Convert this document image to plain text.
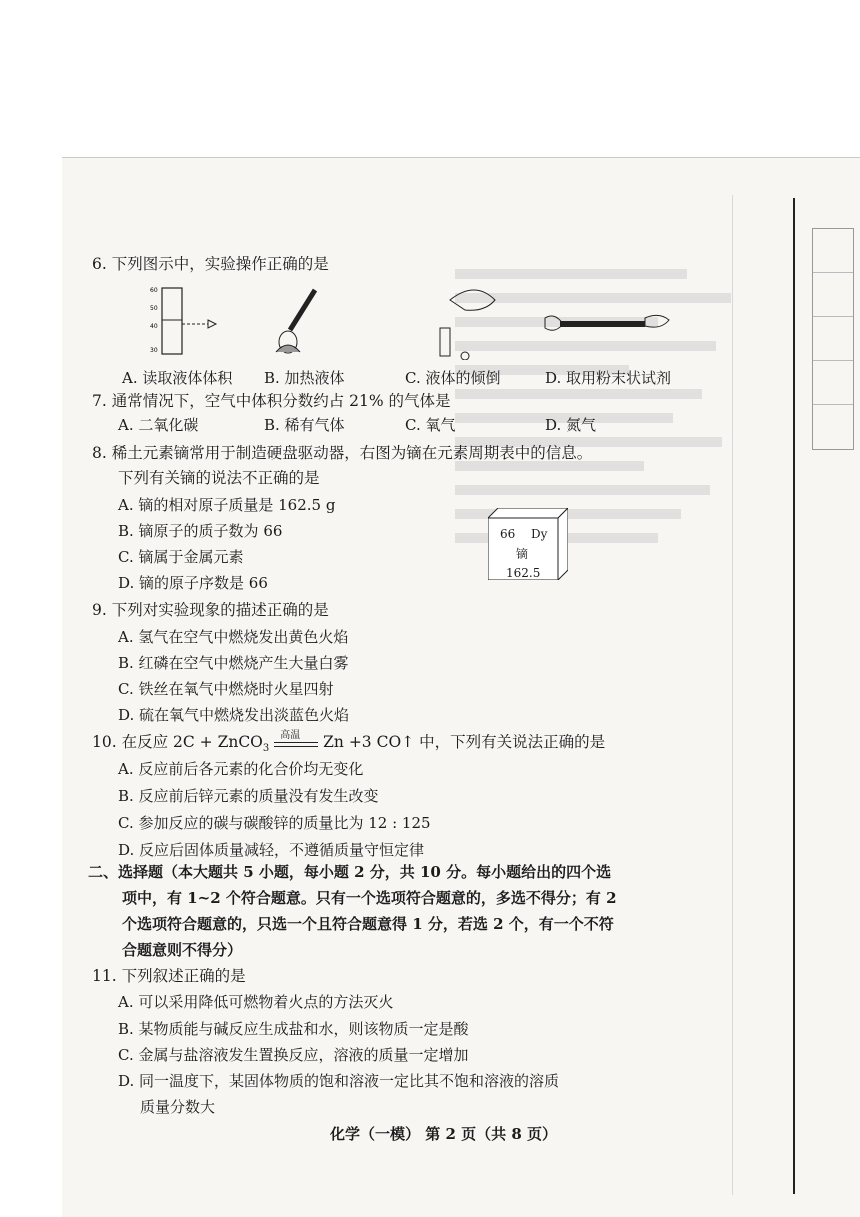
6. 下列图示中，实验操作正确的是
60
50
40
30
A. 读取液体体积 B. 加热液体	C. 液体的倾倒	D. 取用粉末状试剂
7. 通常情况下，空气中体积分数约占 21% 的气体是
A. 二氧化碳	B. 稀有气体	C. 氧气	D. 氮气
8. 稀土元素镝常用于制造硬盘驱动器，右图为镝在元素周期表中的信息。
下列有关镝的说法不正确的是
A. 镝的相对原子质量是 162.5 g
B. 镝原子的质子数为 66
C. 镝属于金属元素
D. 镝的原子序数是 66
66 Dy
镝
162.5
9. 下列对实验现象的描述正确的是
A. 氢气在空气中燃烧发出黄色火焰
B. 红磷在空气中燃烧产生大量白雾
C. 铁丝在氧气中燃烧时火星四射
D. 硫在氧气中燃烧发出淡蓝色火焰
10. 在反应 2C + ZnCO$_3$
高温 Zn +3 CO↑ 中，下列有关说法正确的是
A. 反应前后各元素的化合价均无变化
B. 反应前后锌元素的质量没有发生改变
C. 参加反应的碳与碳酸锌的质量比为 12 : 125
D. 反应后固体质量减轻，不遵循质量守恒定律
二、选择题（本大题共 5 小题，每小题 2 分，共 10 分。每小题给出的四个选
项中，有 1~2 个符合题意。只有一个选项符合题意的，多选不得分；有 2
个选项符合题意的，只选一个且符合题意得 1 分，若选 2 个，有一个不符
合题意则不得分）
11. 下列叙述正确的是
A. 可以采用降低可燃物着火点的方法灭火
B. 某物质能与碱反应生成盐和水，则该物质一定是酸
C. 金属与盐溶液发生置换反应，溶液的质量一定增加
D. 同一温度下，某固体物质的饱和溶液一定比其不饱和溶液的溶质
质量分数大
化学（一模） 第 2 页（共 8 页）
